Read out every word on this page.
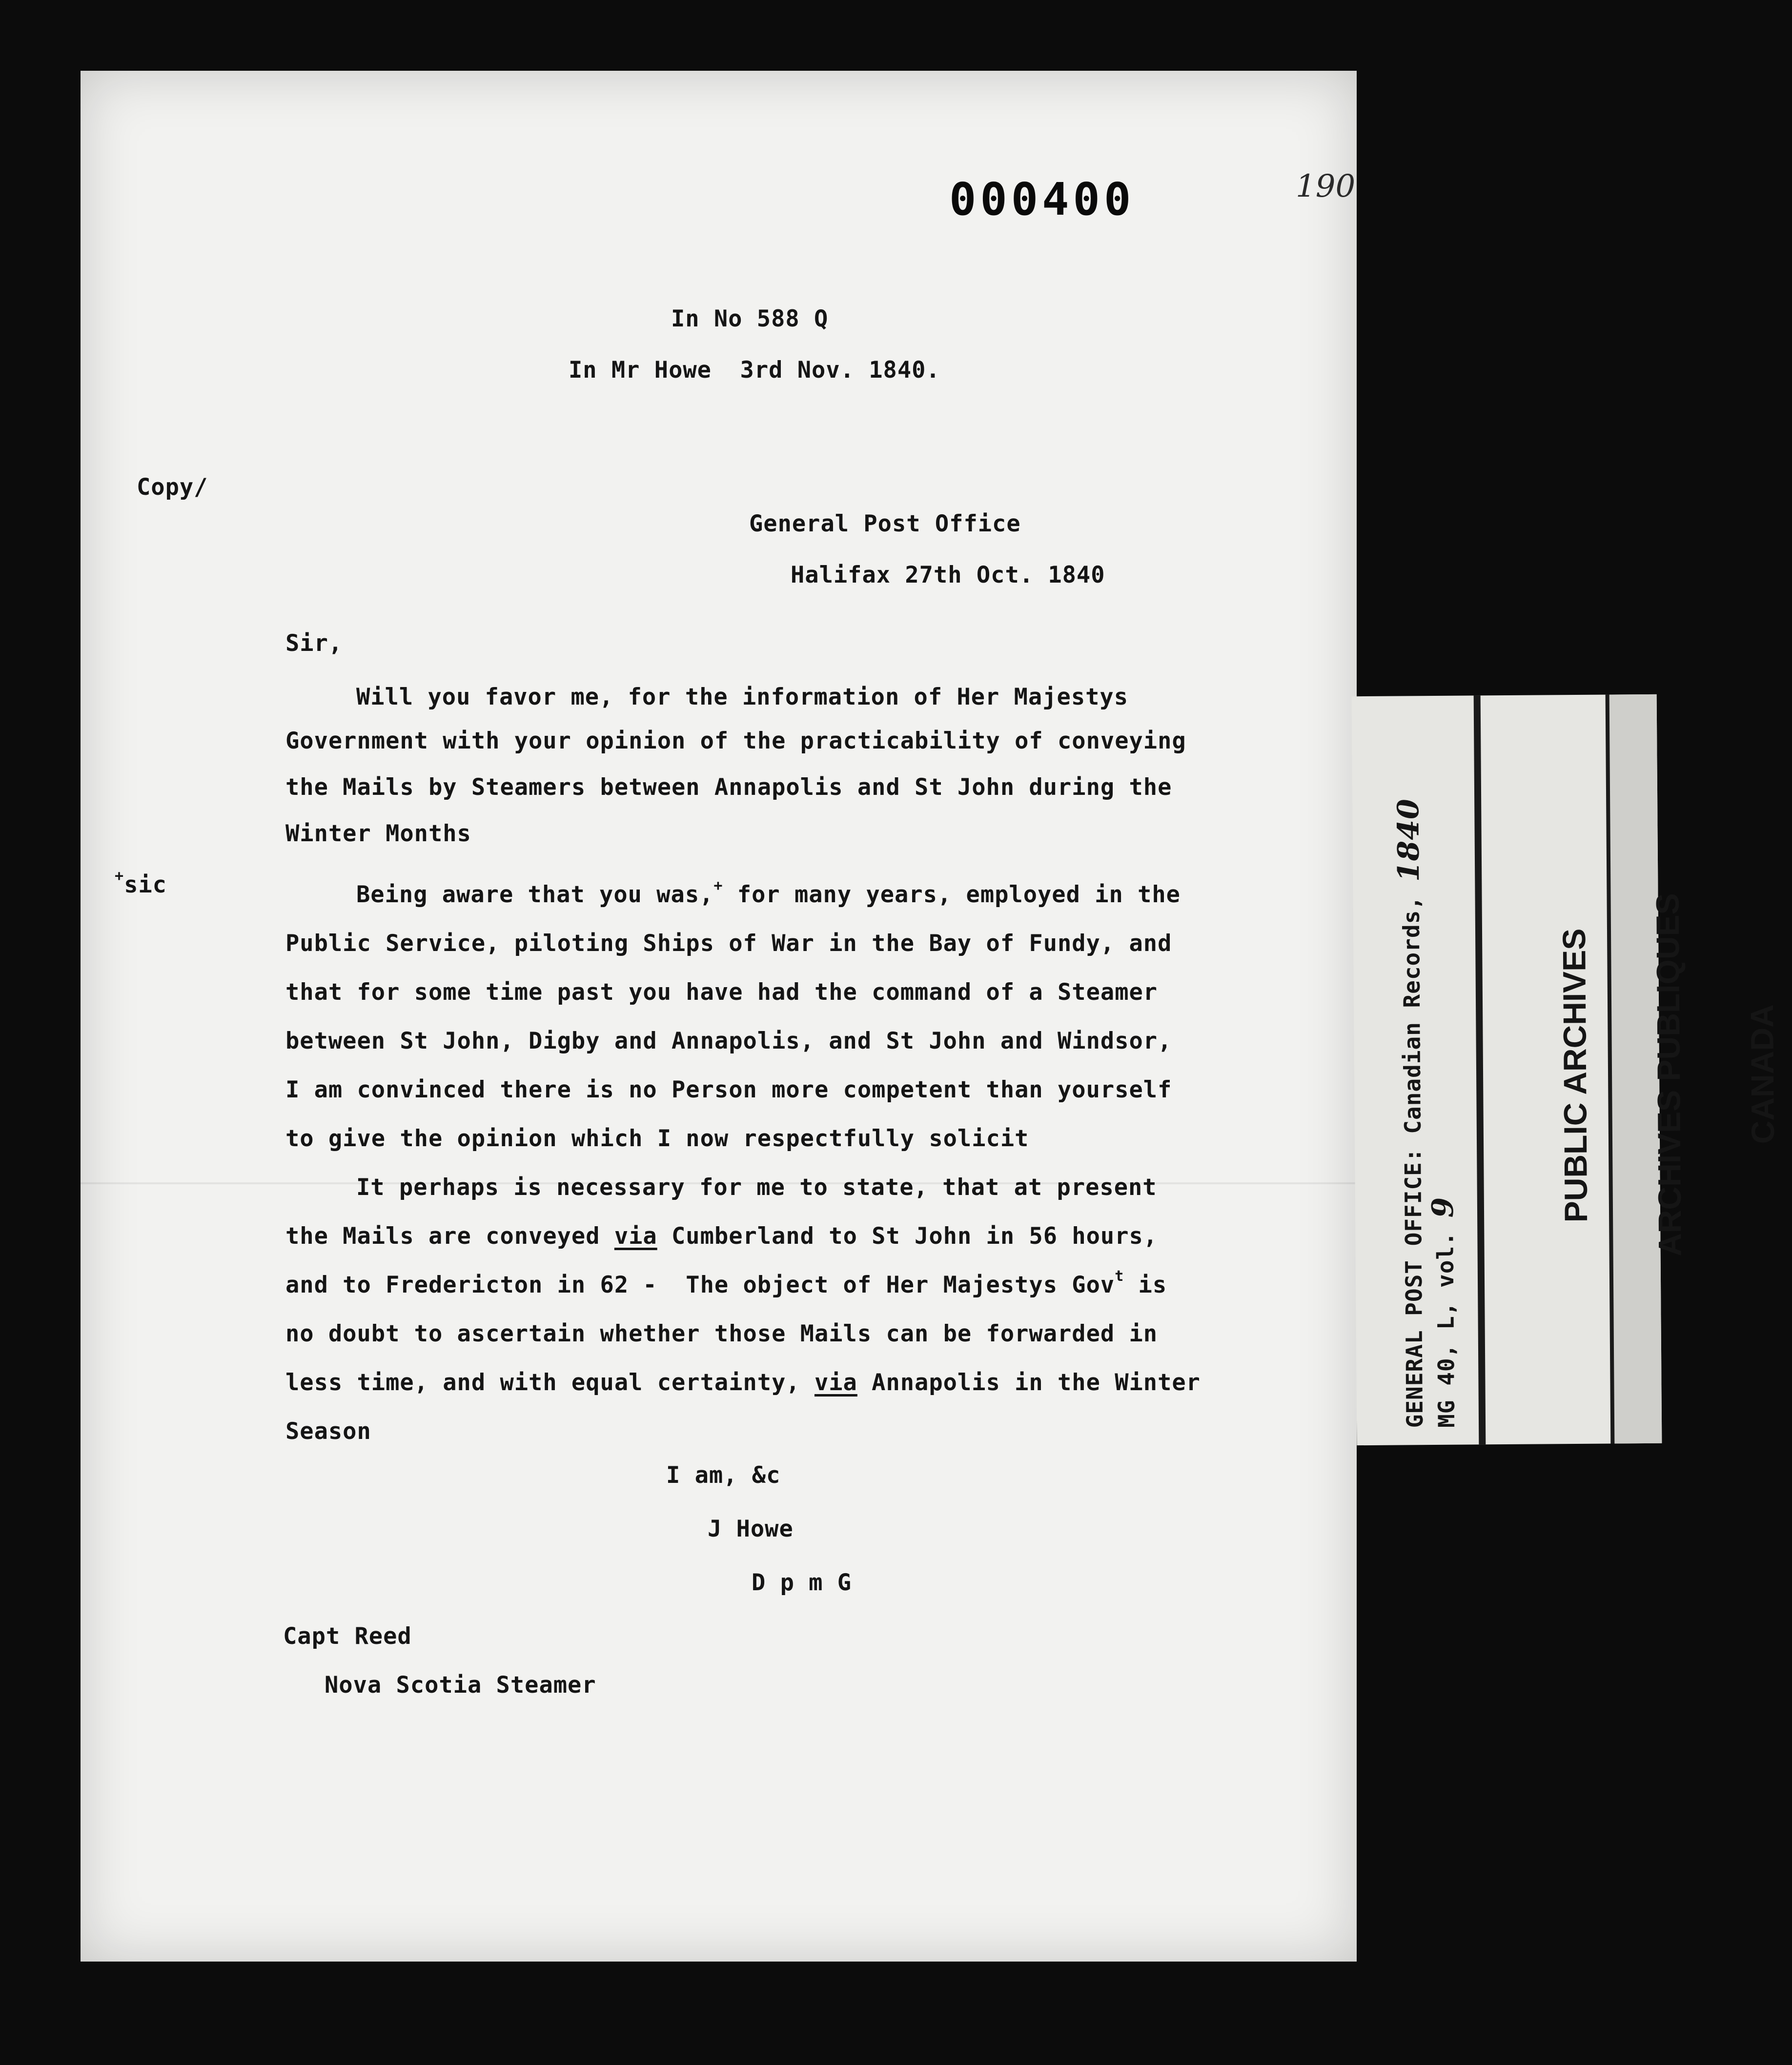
000400	190
In No 588 Q
In Mr Howe  3rd Nov. 1840.
Copy/
General Post Office
Halifax 27th Oct. 1840
Sir,
Will you favor me, for the information of Her Majestys
Government with your opinion of the practicability of conveying
the Mails by Steamers between Annapolis and St John during the
Winter Months
+sic	Being aware that you was,+ for many years, employed in the
Public Service, piloting Ships of War in the Bay of Fundy, and
that for some time past you have had the command of a Steamer
between St John, Digby and Annapolis, and St John and Windsor,
I am convinced there is no Person more competent than yourself
to give the opinion which I now respectfully solicit
It perhaps is necessary for me to state, that at present
the Mails are conveyed via Cumberland to St John in 56 hours,
and to Fredericton in 62 -  The object of Her Majestys Gov$^t$ is
no doubt to ascertain whether those Mails can be forwarded in
less time, and with equal certainty, via Annapolis in the Winter
Season
I am, &c
J Howe
D p m G
Capt Reed
Nova Scotia Steamer
GENERAL POST OFFICE: Canadian Records, 1840
MG 40, L, vol. 9

	PUBLIC ARCHIVES

ARCHIVES PUBLIQUES

CANADA
